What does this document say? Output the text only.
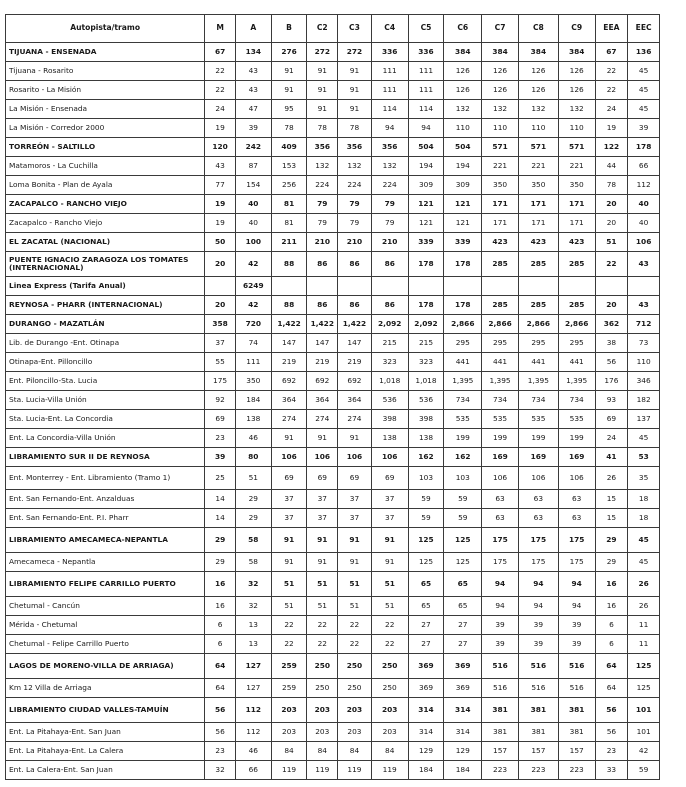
Autopista/tramo	M	A	B	C2	C3	C4	C5	C6	C7	C8	C9	EEA	EEC
TIJUANA - ENSENADA	67	134	276	272	272	336	336	384	384	384	384	67	136
Tijuana - Rosarito	22	43	91	91	91	111	111	126	126	126	126	22	45
Rosarito - La Misión	22	43	91	91	91	111	111	126	126	126	126	22	45
La Misión - Ensenada	24	47	95	91	91	114	114	132	132	132	132	24	45
La Misión - Corredor 2000	19	39	78	78	78	94	94	110	110	110	110	19	39
TORREÓN - SALTILLO	120	242	409	356	356	356	504	504	571	571	571	122	178
Matamoros - La Cuchilla	43	87	153	132	132	132	194	194	221	221	221	44	66
Loma Bonita - Plan de Ayala	77	154	256	224	224	224	309	309	350	350	350	78	112
ZACAPALCO - RANCHO VIEJO	19	40	81	79	79	79	121	121	171	171	171	20	40
Zacapalco - Rancho Viejo	19	40	81	79	79	79	121	121	171	171	171	20	40
EL ZACATAL (NACIONAL)	50	100	211	210	210	210	339	339	423	423	423	51	106
PUENTE IGNACIO ZARAGOZA LOS TOMATES (INTERNACIONAL)	20	42	88	86	86	86	178	178	285	285	285	22	43
Linea Express (Tarifa Anual)		6249											
REYNOSA - PHARR (INTERNACIONAL)	20	42	88	86	86	86	178	178	285	285	285	20	43
DURANGO - MAZATLÁN	358	720	1,422	1,422	1,422	2,092	2,092	2,866	2,866	2,866	2,866	362	712
Lib. de Durango -Ent. Otinapa	37	74	147	147	147	215	215	295	295	295	295	38	73
Otinapa-Ent. Pilloncillo	55	111	219	219	219	323	323	441	441	441	441	56	110
Ent. Piloncillo-Sta. Lucia	175	350	692	692	692	1,018	1,018	1,395	1,395	1,395	1,395	176	346
Sta. Lucia-Villa Unión	92	184	364	364	364	536	536	734	734	734	734	93	182
Sta. Lucia-Ent. La Concordia	69	138	274	274	274	398	398	535	535	535	535	69	137
Ent. La Concordia-Villa Unión	23	46	91	91	91	138	138	199	199	199	199	24	45
LIBRAMIENTO SUR II DE REYNOSA	39	80	106	106	106	106	162	162	169	169	169	41	53
Ent. Monterrey - Ent. Libramiento (Tramo 1)	25	51	69	69	69	69	103	103	106	106	106	26	35
Ent. San Fernando-Ent. Anzalduas	14	29	37	37	37	37	59	59	63	63	63	15	18
Ent. San Fernando-Ent. P.I. Pharr	14	29	37	37	37	37	59	59	63	63	63	15	18
LIBRAMIENTO AMECAMECA-NEPANTLA	29	58	91	91	91	91	125	125	175	175	175	29	45
Amecameca - Nepantla	29	58	91	91	91	91	125	125	175	175	175	29	45
LIBRAMIENTO FELIPE CARRILLO PUERTO	16	32	51	51	51	51	65	65	94	94	94	16	26
Chetumal - Cancún	16	32	51	51	51	51	65	65	94	94	94	16	26
Mérida - Chetumal	6	13	22	22	22	22	27	27	39	39	39	6	11
Chetumal - Felipe Carrillo Puerto	6	13	22	22	22	22	27	27	39	39	39	6	11
LAGOS DE MORENO-VILLA DE ARRIAGA)	64	127	259	250	250	250	369	369	516	516	516	64	125
Km 12 Villa de Arriaga	64	127	259	250	250	250	369	369	516	516	516	64	125
LIBRAMIENTO CIUDAD VALLES-TAMUÍN	56	112	203	203	203	203	314	314	381	381	381	56	101
Ent. La Pitahaya-Ent. San Juan	56	112	203	203	203	203	314	314	381	381	381	56	101
Ent. La Pitahaya-Ent. La Calera	23	46	84	84	84	84	129	129	157	157	157	23	42
Ent. La Calera-Ent. San Juan	32	66	119	119	119	119	184	184	223	223	223	33	59
